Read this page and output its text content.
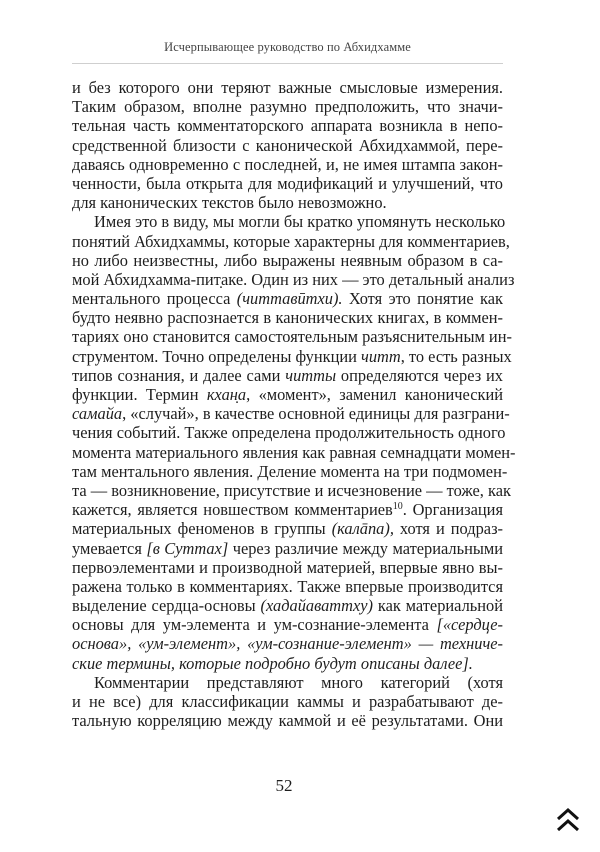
Исчерпывающее руководство по Абхидхамме
и без которого они теряют важные смысловые измерения.
Таким образом, вполне разумно предположить, что значи-
тельная часть комментаторского аппарата возникла в непо-
средственной близости с канонической Абхидхаммой, пере-
даваясь одновременно с последней, и, не имея штампа закон-
ченности, была открыта для модификаций и улучшений, что
для канонических текстов было невозможно.
Имея это в виду, мы могли бы кратко упомянуть несколько
понятий Абхидхаммы, которые характерны для комментариев,
но либо неизвестны, либо выражены неявным образом в са-
мой Абхидхамма-пит̣аке. Один из них — это детальный анализ
ментального процесса (читтавӣтхи). Хотя это понятие как
будто неявно распознается в канонических книгах, в коммен-
тариях оно становится самостоятельным разъяснительным ин-
струментом. Точно определены функции читт, то есть разных
типов сознания, и далее сами читты определяются через их
функции. Термин кхан̣а, «момент», заменил канонический
самайа, «случай», в качестве основной единицы для разграни-
чения событий. Также определена продолжительность одного
момента материального явления как равная семнадцати момен-
там ментального явления. Деление момента на три подмомен-
та — возникновение, присутствие и исчезновение — тоже, как
кажется, является новшеством комментариев$^{10}$. Организация
материальных феноменов в группы (калāпа), хотя и подраз-
умевается [в Суттах] через различие между материальными
первоэлементами и производной материей, впервые явно вы-
ражена только в комментариях. Также впервые производится
выделение сердца-основы (хадайаваттху) как материальной
основы для ум-элемента и ум-сознание-элемента [«сердце-
основа», «ум-элемент», «ум-сознание-элемент» — техниче-
ские термины, которые подробно будут описаны далее].
Комментарии представляют много категорий (хотя
и не все) для классификации каммы и разрабатывают де-
тальную корреляцию между каммой и её результатами. Они
52
